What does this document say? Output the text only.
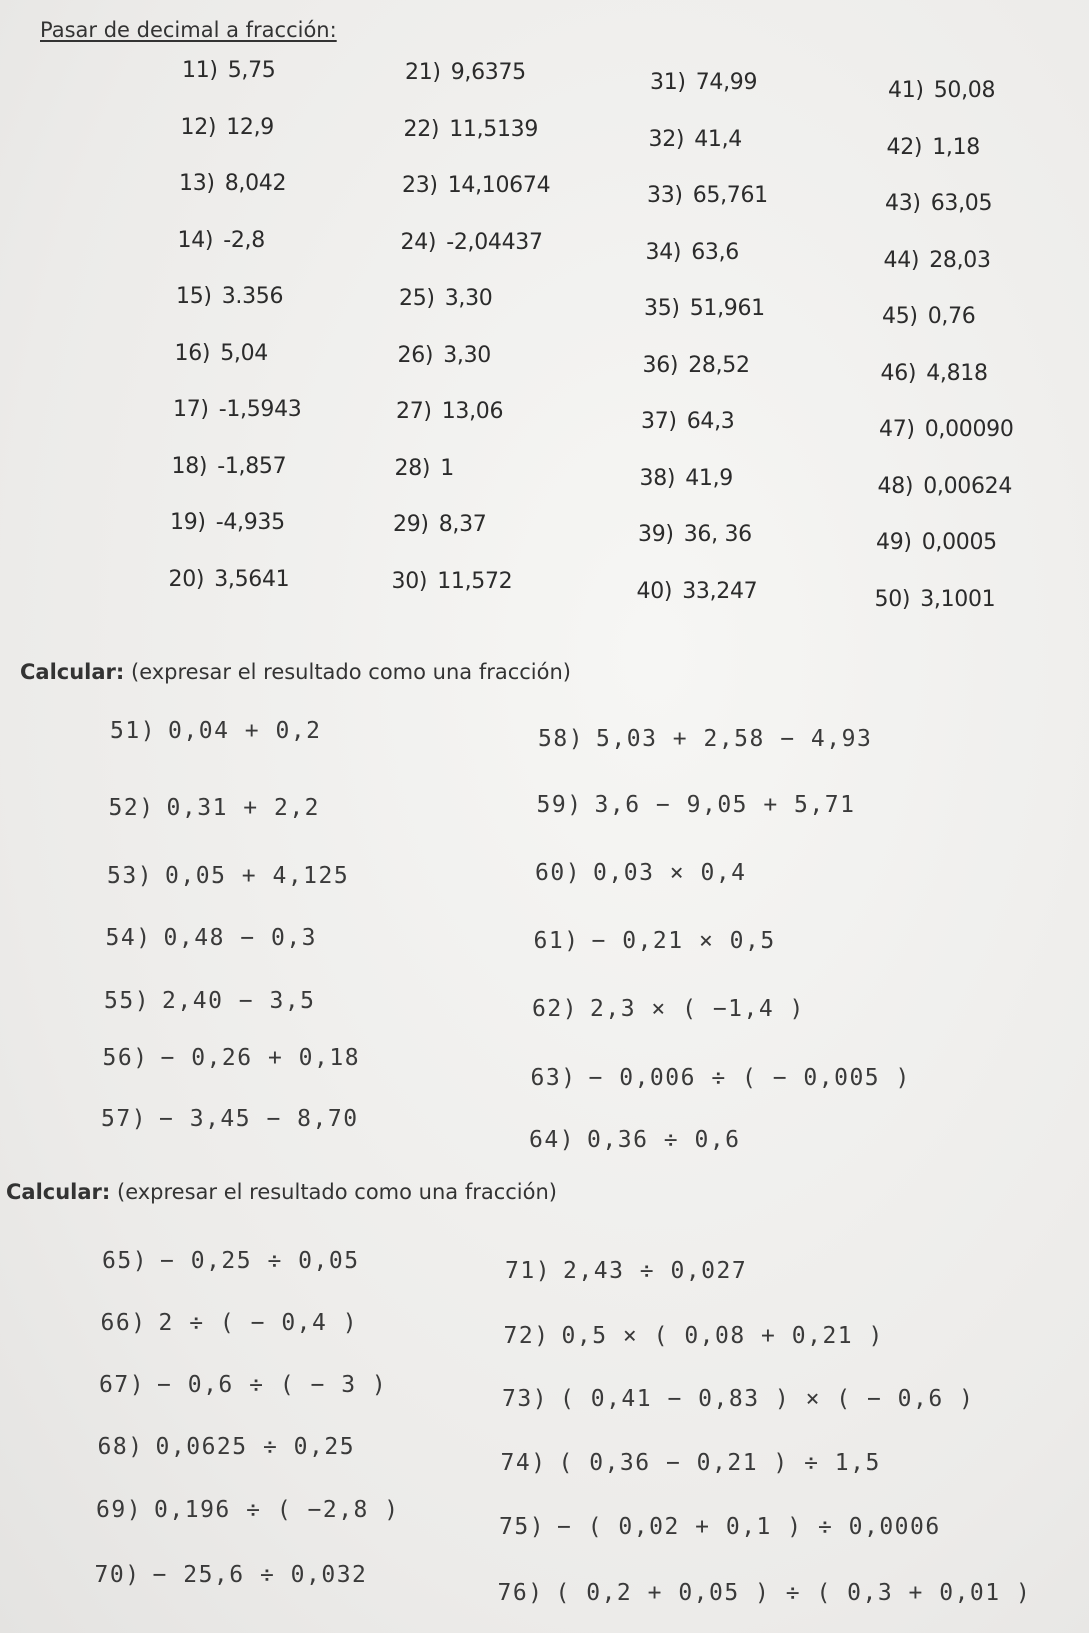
Pasar de decimal a fracción:
Calcular: (expresar el resultado como una fracción)
Calcular: (expresar el resultado como una fracción)
11) 5,75
12) 12,9
13) 8,042
14) -2,8
15) 3.356
16) 5,04
17) -1,5943
18) -1,857
19) -4,935
20) 3,5641
21) 9,6375
22) 11,5139
23) 14,10674
24) -2,04437
25) 3,30
26) 3,30
27) 13,06
28) 1
29) 8,37
30) 11,572
31) 74,99
32) 41,4
33) 65,761
34) 63,6
35) 51,961
36) 28,52
37) 64,3
38) 41,9
39) 36, 36
40) 33,247
41) 50,08
42) 1,18
43) 63,05
44) 28,03
45) 0,76
46) 4,818
47) 0,00090
48) 0,00624
49) 0,0005
50) 3,1001
51) 0,04 + 0,2
52) 0,31 + 2,2
53) 0,05 + 4,125
54) 0,48 − 0,3
55) 2,40 − 3,5
56) − 0,26 + 0,18
57) − 3,45 − 8,70
58) 5,03 + 2,58 − 4,93
59) 3,6 − 9,05 + 5,71
60) 0,03 × 0,4
61) − 0,21 × 0,5
62) 2,3 × ( −1,4 )
63) − 0,006 ÷ ( − 0,005 )
64) 0,36 ÷ 0,6
65) − 0,25 ÷ 0,05
66) 2 ÷ ( − 0,4 )
67) − 0,6 ÷ ( − 3 )
68) 0,0625 ÷ 0,25
69) 0,196 ÷ ( −2,8 )
70) − 25,6 ÷ 0,032
71) 2,43 ÷ 0,027
72) 0,5 × ( 0,08 + 0,21 )
73) ( 0,41 − 0,83 ) × ( − 0,6 )
74) ( 0,36 − 0,21 ) ÷ 1,5
75) − ( 0,02 + 0,1 ) ÷ 0,0006
76) ( 0,2 + 0,05 ) ÷ ( 0,3 + 0,01 )
